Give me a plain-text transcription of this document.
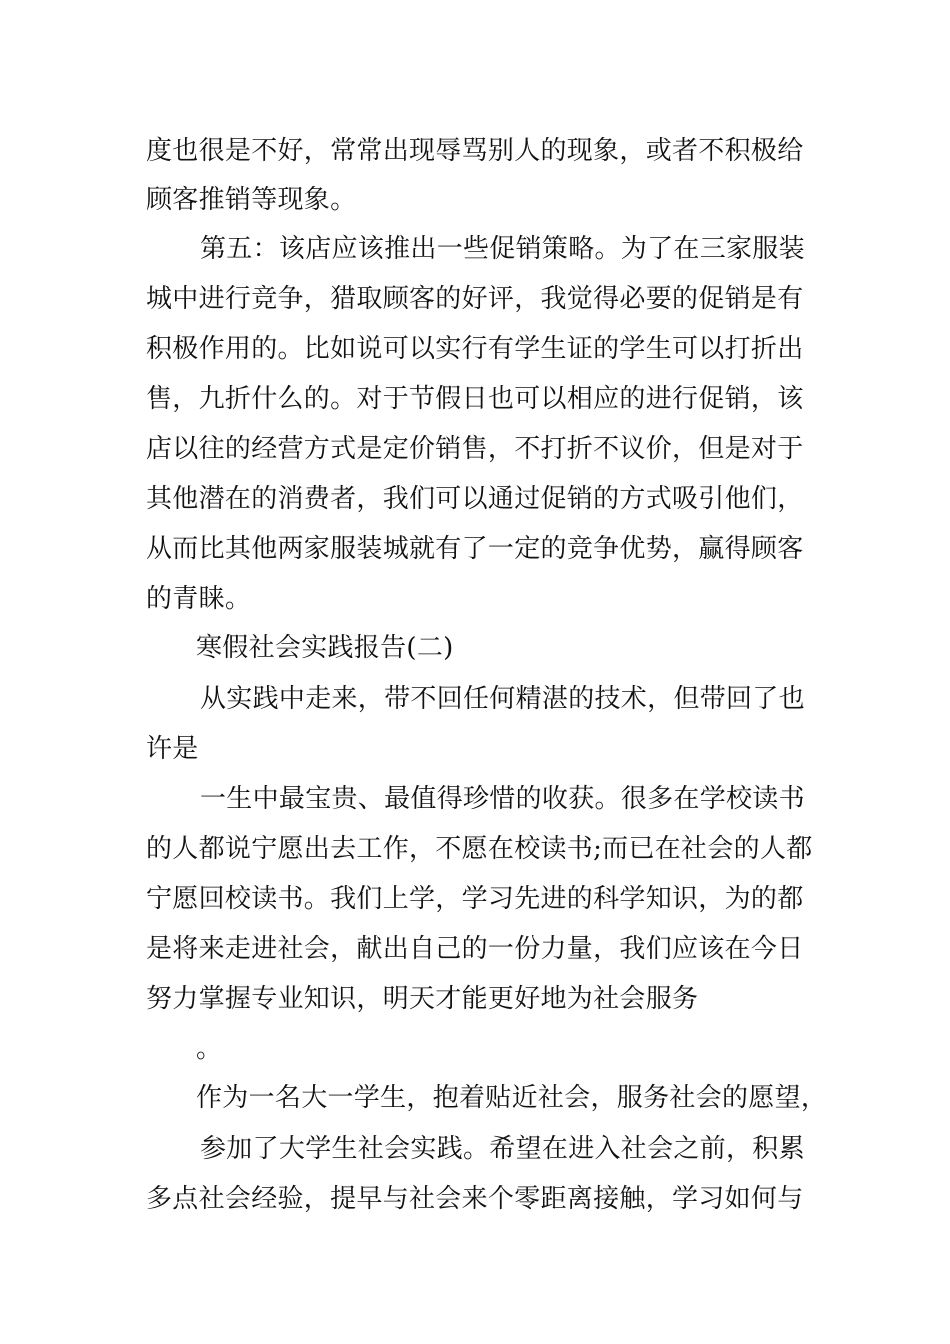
度也很是不好，常常出现辱骂别人的现象，或者不积极给
顾客推销等现象。
第五：该店应该推出一些促销策略。为了在三家服装
城中进行竞争，猎取顾客的好评，我觉得必要的促销是有
积极作用的。比如说可以实行有学生证的学生可以打折出
售，九折什么的。对于节假日也可以相应的进行促销，该
店以往的经营方式是定价销售，不打折不议价，但是对于
其他潜在的消费者，我们可以通过促销的方式吸引他们，
从而比其他两家服装城就有了一定的竞争优势，赢得顾客
的青睐。
寒假社会实践报告(二)
从实践中走来，带不回任何精湛的技术，但带回了也
许是
一生中最宝贵、最值得珍惜的收获。很多在学校读书
的人都说宁愿出去工作，不愿在校读书;而已在社会的人都
宁愿回校读书。我们上学，学习先进的科学知识，为的都
是将来走进社会，献出自己的一份力量，我们应该在今日
努力掌握专业知识，明天才能更好地为社会服务
。
作为一名大一学生，抱着贴近社会，服务社会的愿望，
参加了大学生社会实践。希望在进入社会之前，积累
多点社会经验，提早与社会来个零距离接触，学习如何与
